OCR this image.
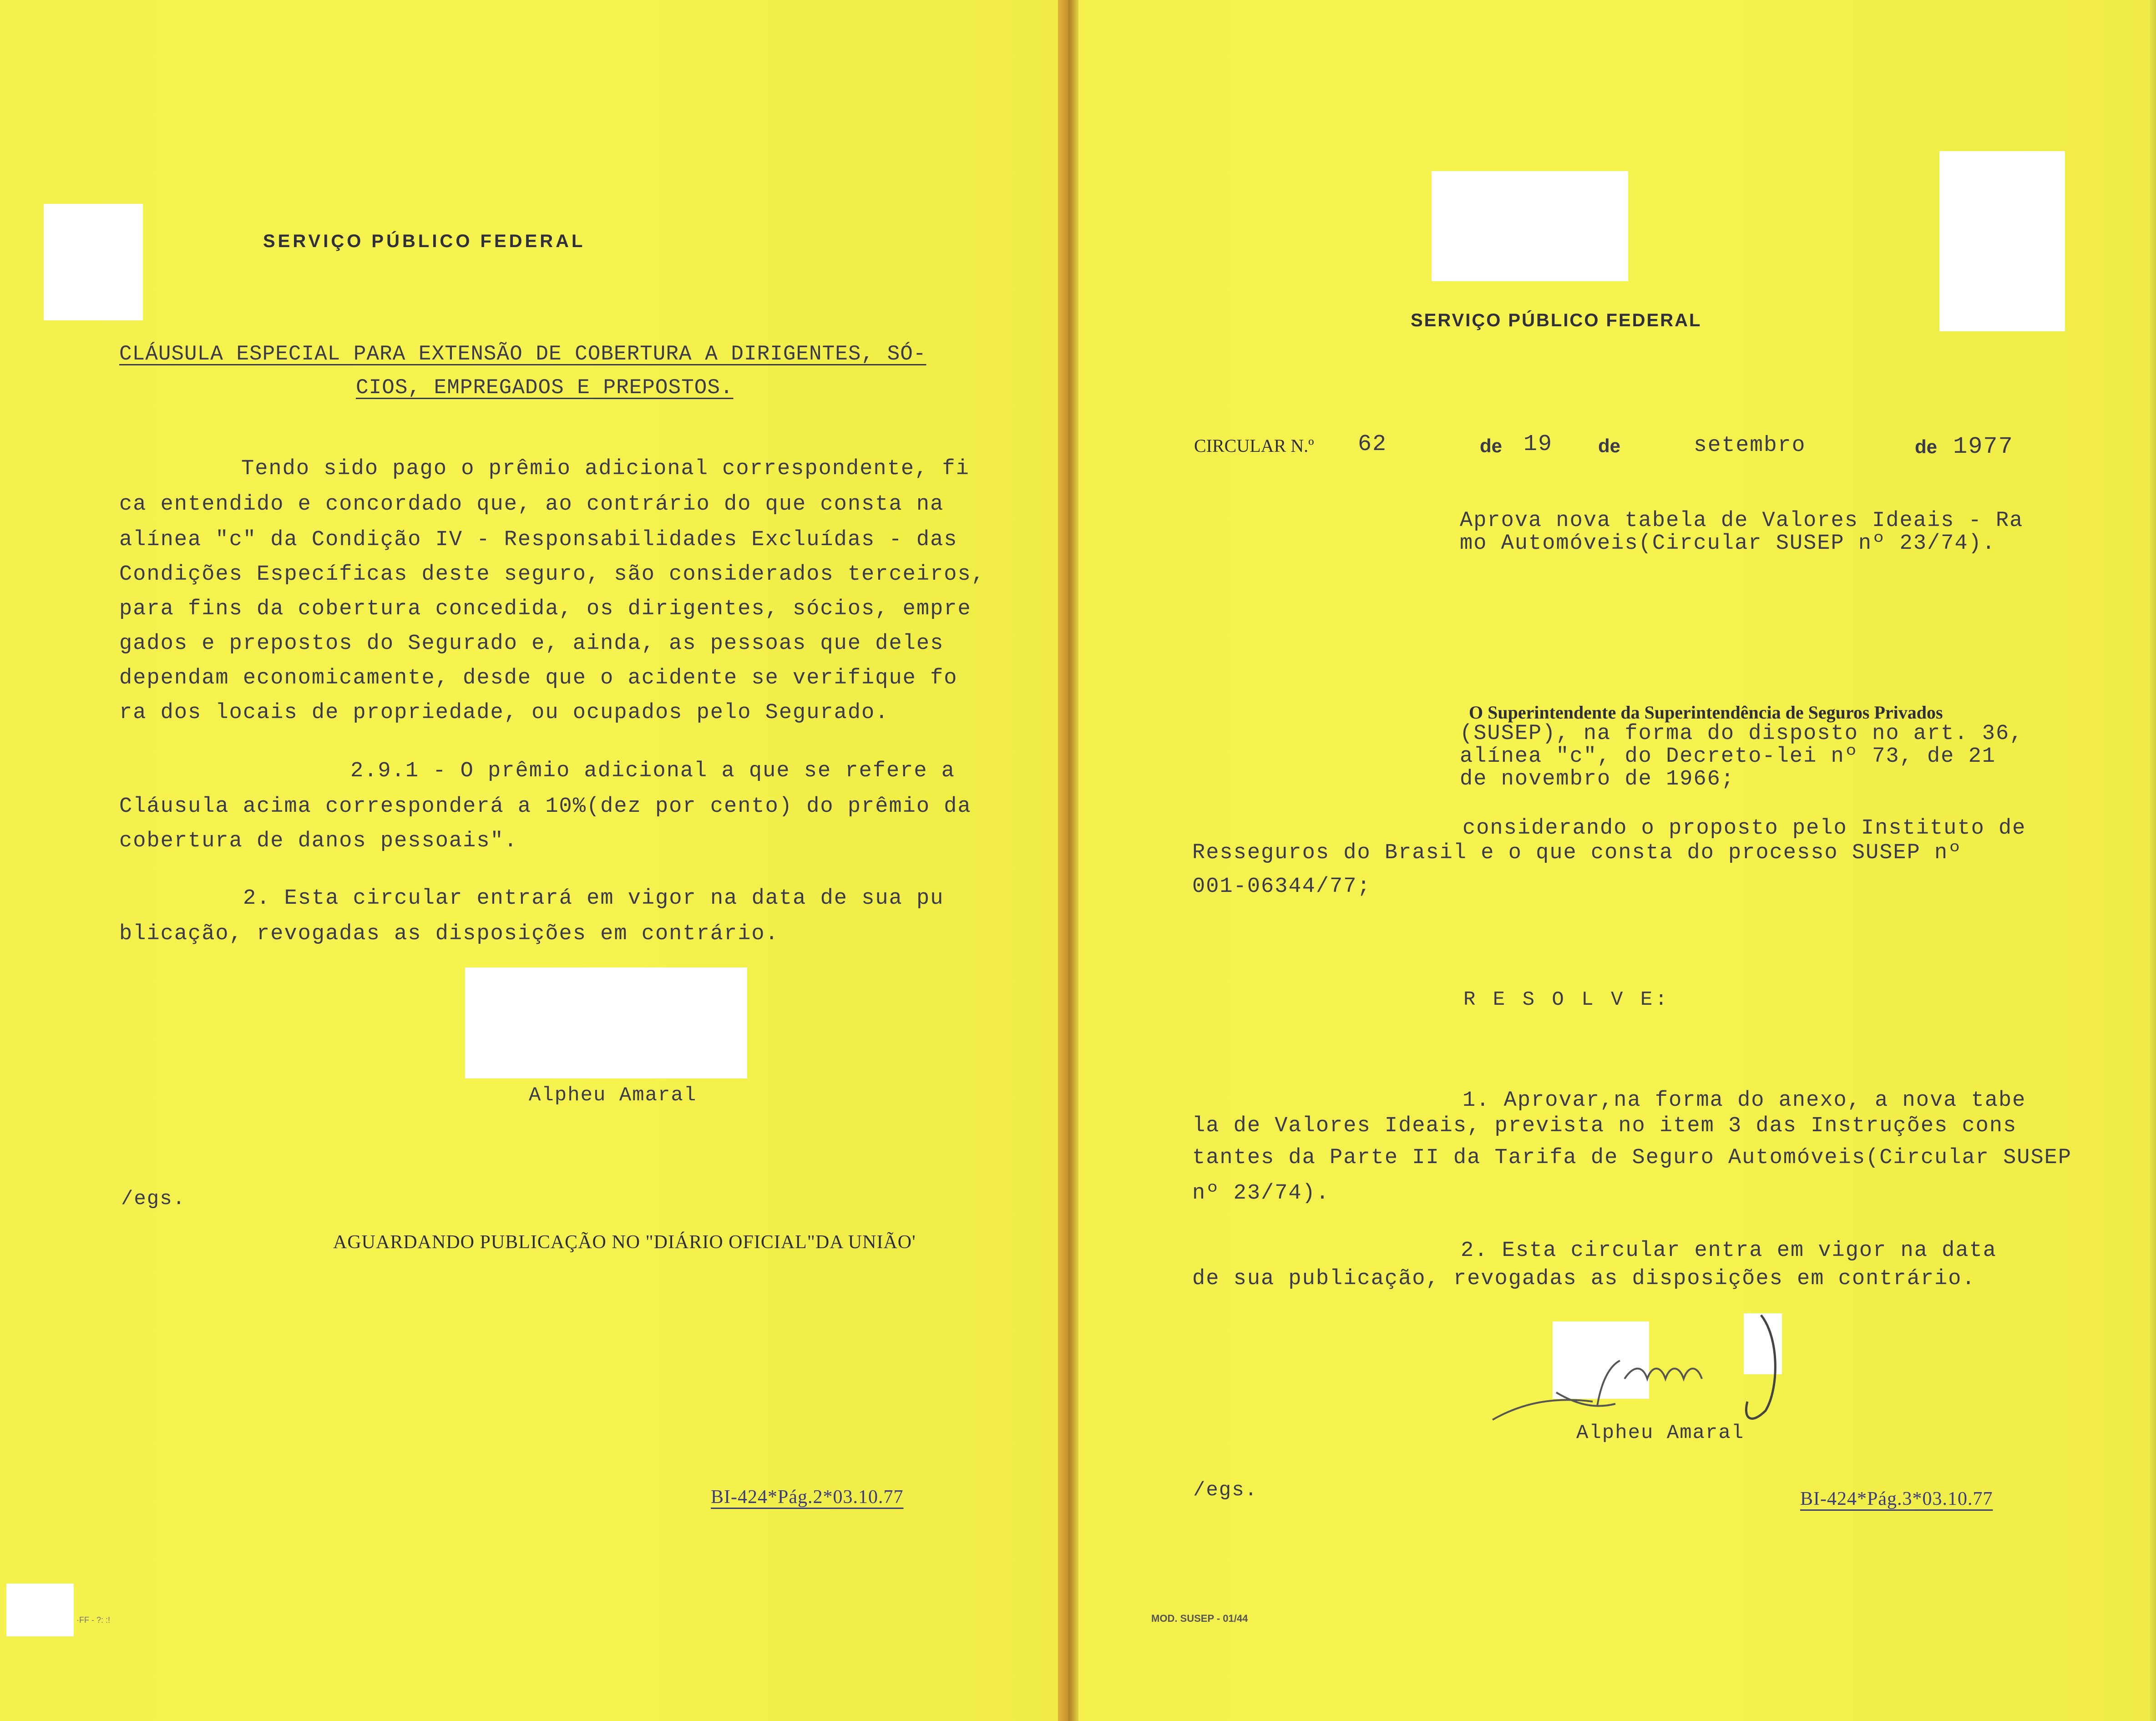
SERVIÇO PÚBLICO FEDERAL

CLÁUSULA ESPECIAL PARA EXTENSÃO DE COBERTURA A DIRIGENTES, SÓ-

CIOS, EMPREGADOS E PREPOSTOS.

Tendo sido pago o prêmio adicional correspondente, fi

ca entendido e concordado que, ao contrário do que consta na

alínea "c" da Condição IV - Responsabilidades Excluídas - das

Condições Específicas deste seguro, são considerados terceiros,

para fins da cobertura concedida, os dirigentes, sócios, empre

gados e prepostos do Segurado e, ainda, as pessoas que deles

dependam economicamente, desde que o acidente se verifique fo

ra dos locais de propriedade, ou ocupados pelo Segurado.

2.9.1 - O prêmio adicional a que se refere a

Cláusula acima corresponderá a 10%(dez por cento) do prêmio da

cobertura de danos pessoais".

2. Esta circular entrará em vigor na data de sua pu

blicação, revogadas as disposições em contrário.

Alpheu Amaral

/egs.

AGUARDANDO PUBLICAÇÃO NO "DIÁRIO OFICIAL"DA UNIÃO'

BI-424*Pág.2*03.10.77

·FF - ?: :!

SERVIÇO PÚBLICO FEDERAL

CIRCULAR N.º 62	de 19 de	setembro	de 1977

Aprova nova tabela de Valores Ideais - Ra

mo Automóveis(Circular SUSEP nº 23/74).

O Superintendente da Superintendência de Seguros Privados

(SUSEP), na forma do disposto no art. 36,

alínea "c", do Decreto-lei nº 73, de 21

de novembro de 1966;

considerando o proposto pelo Instituto de

Resseguros do Brasil e o que consta do processo SUSEP nº

001-06344/77;

R E S O L V E:

1. Aprovar,na forma do anexo, a nova tabe

la de Valores Ideais, prevista no item 3 das Instruções cons

tantes da Parte II da Tarifa de Seguro Automóveis(Circular SUSEP

nº 23/74).

2. Esta circular entra em vigor na data

de sua publicação, revogadas as disposições em contrário.

Alpheu Amaral

/egs.	BI-424*Pág.3*03.10.77

MOD. SUSEP - 01/44
